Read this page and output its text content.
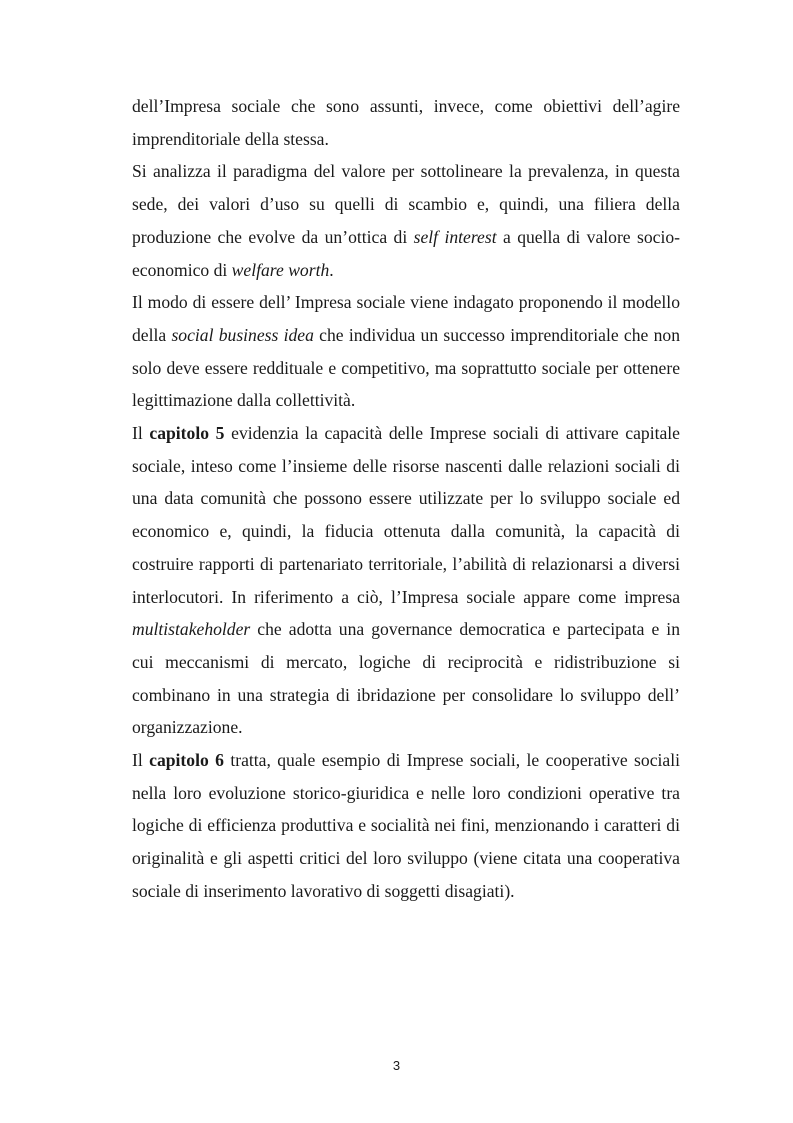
dell’Impresa sociale che sono assunti, invece, come obiettivi dell’agire imprenditoriale della stessa.

Si analizza il paradigma del valore per sottolineare la prevalenza, in questa sede, dei valori d’uso su quelli di scambio e, quindi, una filiera della produzione che evolve da un’ottica di self interest a quella di valore socio-economico di welfare worth.

Il modo di essere dell’ Impresa sociale viene indagato proponendo il modello della social business idea che individua un successo imprenditoriale che non solo deve essere reddituale e competitivo, ma soprattutto sociale per ottenere legittimazione dalla collettività.

Il capitolo 5 evidenzia la capacità delle Imprese sociali di attivare capitale sociale, inteso come l’insieme delle risorse nascenti dalle relazioni sociali di una data comunità che possono essere utilizzate per lo sviluppo sociale ed economico e, quindi, la fiducia ottenuta dalla comunità, la capacità di costruire rapporti di partenariato territoriale, l’abilità di relazionarsi a diversi interlocutori. In riferimento a ciò, l’Impresa sociale appare come impresa multistakeholder che adotta una governance democratica e partecipata e in cui meccanismi di mercato, logiche di reciprocità e ridistribuzione si combinano in una strategia di ibridazione per consolidare lo sviluppo dell’ organizzazione.

Il capitolo 6 tratta, quale esempio di Imprese sociali, le cooperative sociali nella loro evoluzione storico-giuridica e nelle loro condizioni operative tra logiche di efficienza produttiva e socialità nei fini, menzionando i caratteri di originalità e gli aspetti critici del loro sviluppo (viene citata una cooperativa sociale di inserimento lavorativo di soggetti disagiati).

3
